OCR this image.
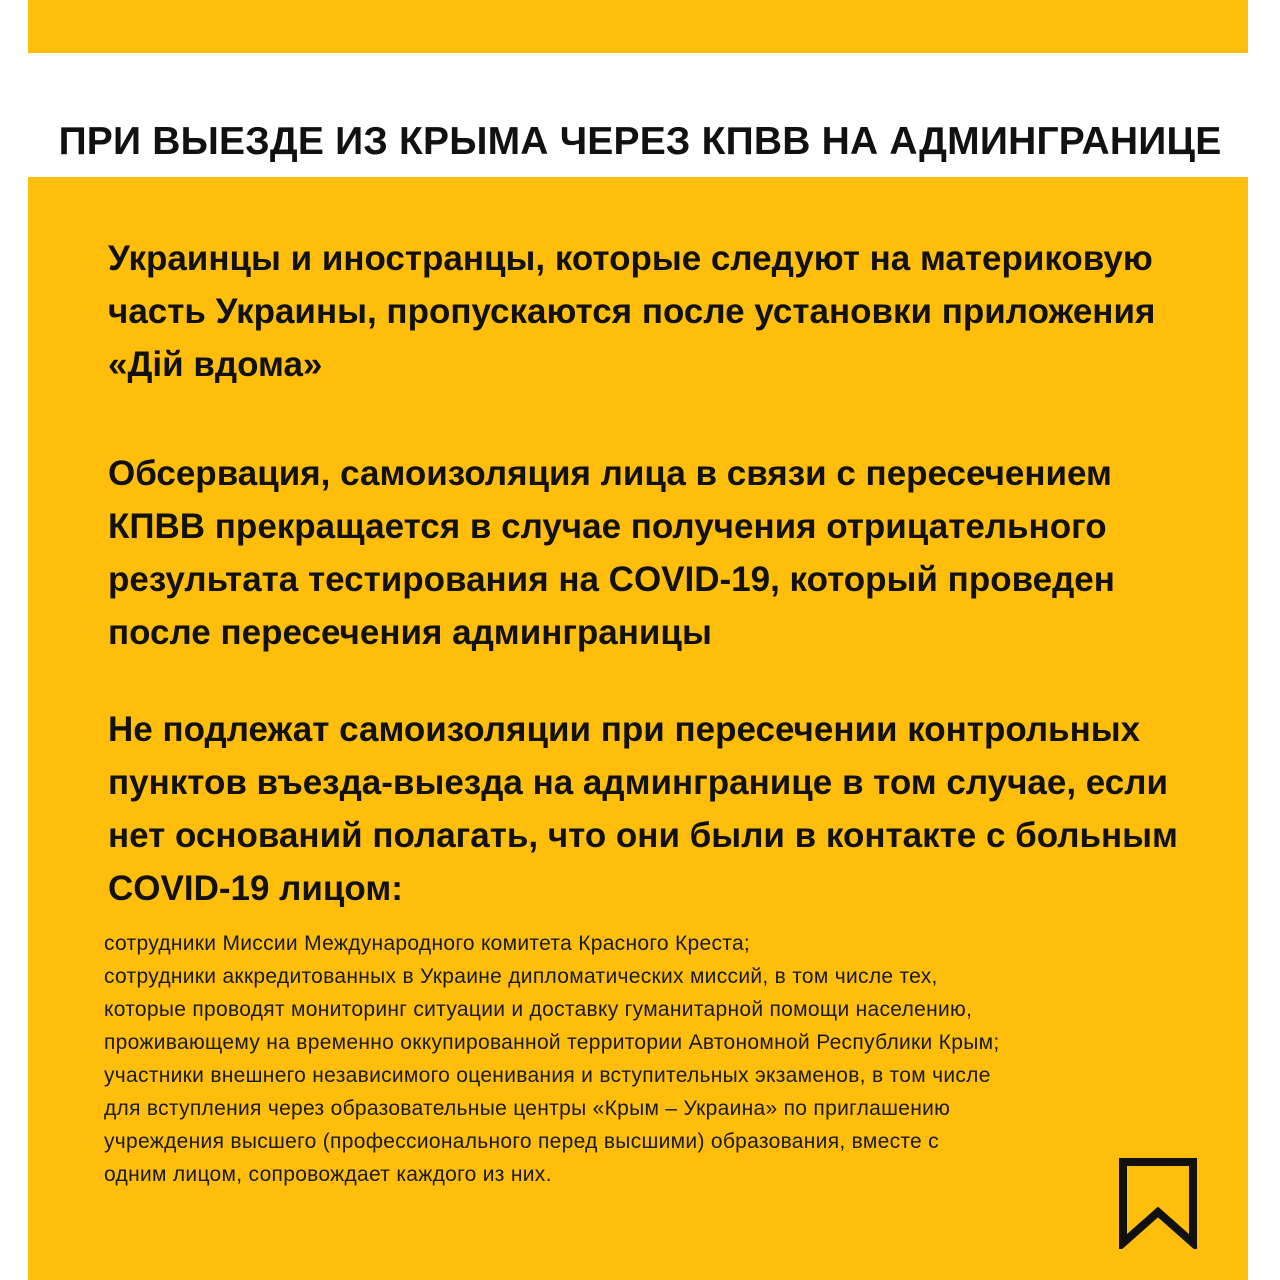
ПРИ ВЫЕЗДЕ ИЗ КРЫМА ЧЕРЕЗ КПВВ НА АДМИНГРАНИЦЕ

Украинцы и иностранцы, которые следуют на материковую часть Украины, пропускаются после установки приложения «Дій вдома»

Обсервация, самоизоляция лица в связи с пересечением КПВВ прекращается в случае получения отрицательного результата тестирования на COVID-19, который проведен после пересечения админграницы

Не подлежат самоизоляции при пересечении контрольных пунктов въезда-выезда на админгранице в том случае, если нет оснований полагать, что они были в контакте с больным COVID-19 лицом:

сотрудники Миссии Международного комитета Красного Креста;
сотрудники аккредитованных в Украине дипломатических миссий, в том числе тех, которые проводят мониторинг ситуации и доставку гуманитарной помощи населению, проживающему на временно оккупированной территории Автономной Республики Крым;
участники внешнего независимого оценивания и вступительных экзаменов, в том числе для вступления через образовательные центры «Крым – Украина» по приглашению учреждения высшего (профессионального перед высшими) образования, вместе с одним лицом, сопровождает каждого из них.
